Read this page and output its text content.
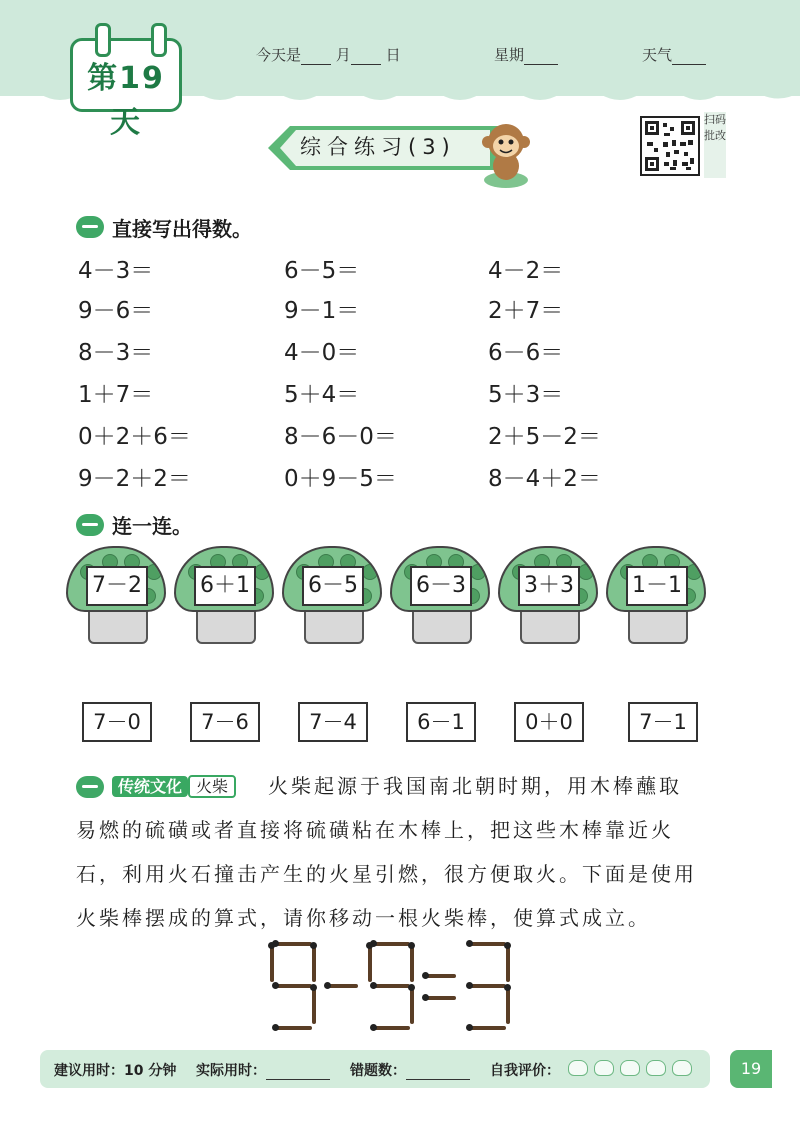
第19天
今天是 月 日	星期	天气
综合练习(3)
扫码批改
直接写出得数。
4－3＝	6－5＝	4－2＝
9－6＝	9－1＝	2＋7＝
8－3＝	4－0＝	6－6＝
1＋7＝	5＋4＝	5＋3＝
0＋2＋6＝	8－6－0＝	2＋5－2＝
9－2＋2＝	0＋9－5＝	8－4＋2＝
连一连。
7－2	6＋1	6－5	6－3	3＋3	1－1
7－0	7－6	7－4	6－1	0＋0	7－1
传统文化 火柴	火柴起源于我国南北朝时期，用木棒蘸取
易燃的硫磺或者直接将硫磺粘在木棒上，把这些木棒靠近火
石，利用火石撞击产生的火星引燃，很方便取火。下面是使用
火柴棒摆成的算式，请你移动一根火柴棒，使算式成立。
建议用时：10 分钟 实际用时：	错题数：	自我评价：	19
